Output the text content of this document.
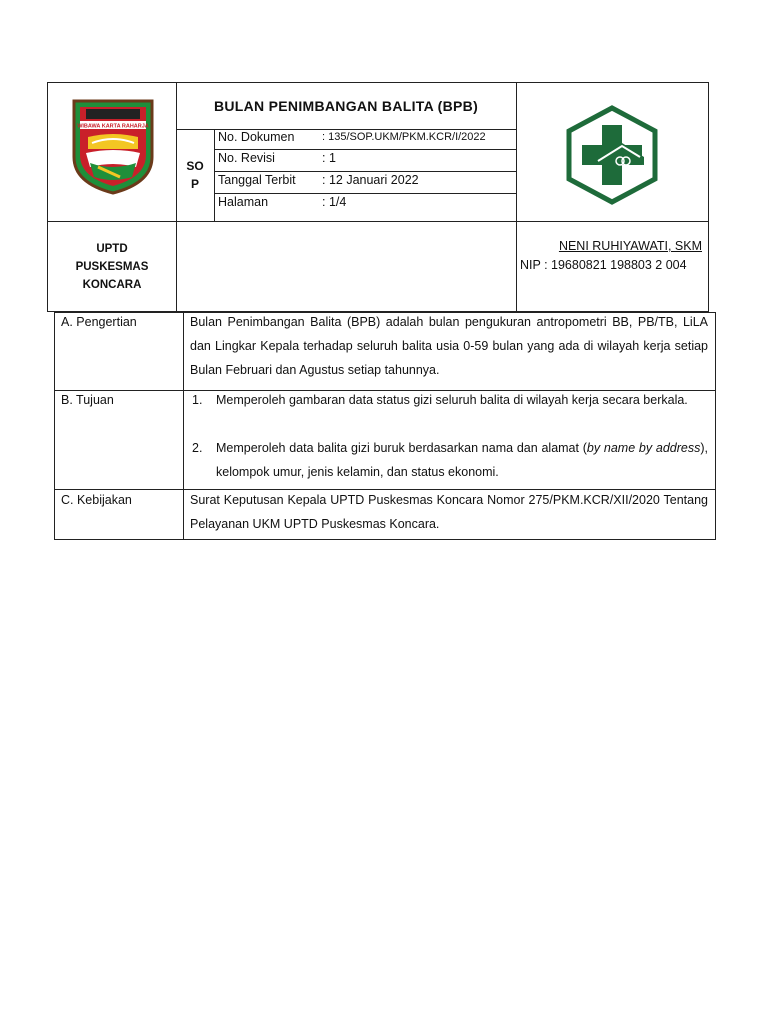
WIBAWA KARTA RAHARJA
BULAN PENIMBANGAN BALITA (BPB)
SO
P
No. Dokumen	: 135/SOP.UKM/PKM.KCR/I/2022
No. Revisi	: 1
Tanggal Terbit : 12 Januari 2022
Halaman	: 1/4
UPTD
PUSKESMAS
KONCARA
NENI RUHIYAWATI, SKM
NIP : 19680821 198803 2 004
A. Pengertian	Bulan Penimbangan Balita (BPB) adalah bulan pengukuran antropometri BB, PB/TB, LiLA dan Lingkar Kepala terhadap seluruh balita usia 0-59 bulan yang ada di wilayah kerja setiap Bulan Februari dan Agustus setiap tahunnya.
B. Tujuan	1. Memperoleh gambaran data status gizi seluruh balita di wilayah kerja secara berkala.
2. Memperoleh data balita gizi buruk berdasarkan nama dan alamat (by name by address), kelompok umur, jenis kelamin, dan status ekonomi.
C. Kebijakan	Surat Keputusan Kepala UPTD Puskesmas Koncara Nomor 275/PKM.KCR/XII/2020 Tentang Pelayanan UKM UPTD Puskesmas Koncara.
